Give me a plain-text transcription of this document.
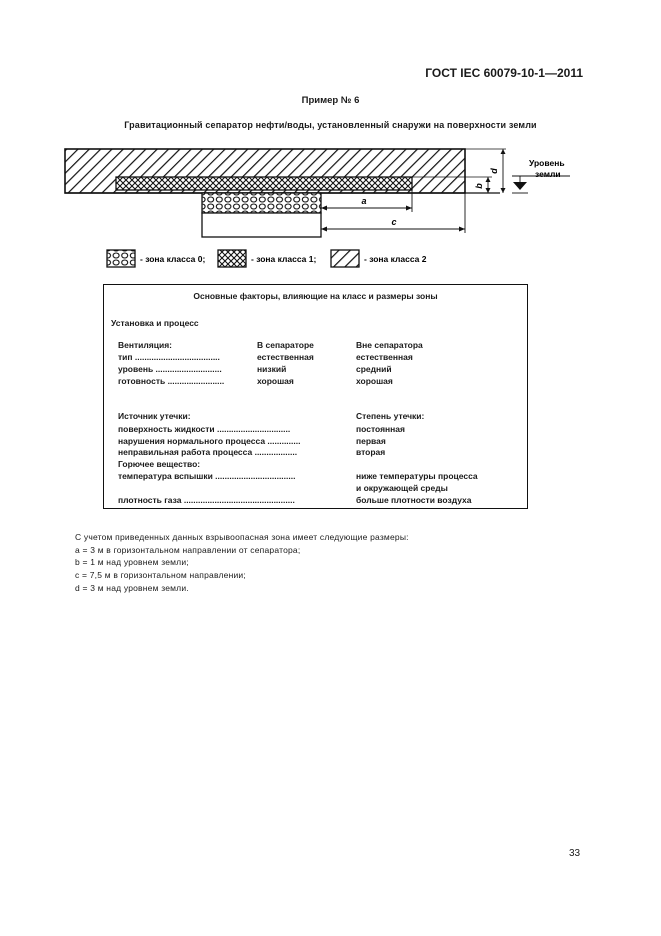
ГОСТ IEC 60079-10-1—2011
Пример № 6
Гравитационный сепаратор нефти/воды, установленный снаружи на поверхности земли
a
c
b
d
Уровень
земли
- зона класса 0;	- зона класса 1;	- зона класса 2
Основные факторы, влияющие на класс и размеры зоны
Установка и процесс
Вентиляция:	В сепараторе	Вне сепаратора
тип ....................................	естественная	естественная
уровень ............................	низкий	средний
готовность ........................	хорошая	хорошая
Источник утечки:	Степень утечки:
поверхность жидкости ...............................	постоянная
нарушения нормального процесса ..............	первая
неправильная работа процесса ..................	вторая
Горючее вещество:
температура вспышки ..................................	ниже температуры процесса
и окружающей среды
плотность газа ...............................................	больше плотности воздуха
С учетом приведенных данных взрывоопасная зона имеет следующие размеры:
a = 3 м в горизонтальном направлении от сепаратора;
b = 1 м над уровнем земли;
c = 7,5 м в горизонтальном направлении;
d = 3 м над уровнем земли.
33
